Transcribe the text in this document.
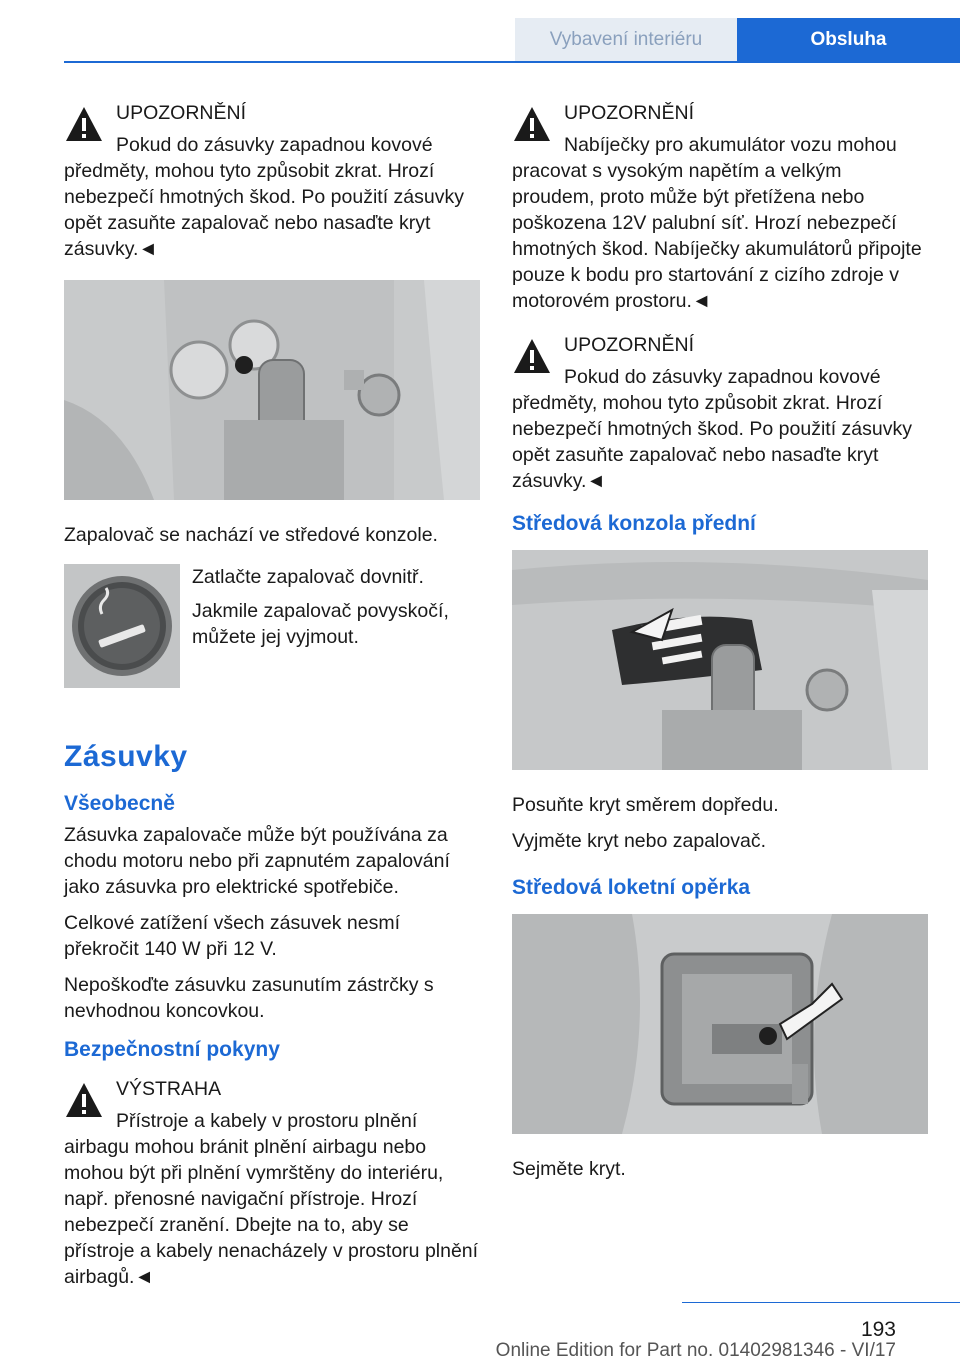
Vybavení interiéru	Obsluha

UPOZORNĚNÍ

Pokud do zásuvky zapadnou kovové předměty, mohou tyto způsobit zkrat. Hrozí nebezpečí hmotných škod. Po použití zásuvky opět zasuňte zapalovač nebo nasaďte kryt zásuvky.◄

Zapalovač se nachází ve středové konzole.

Zatlačte zapalovač dovnitř.

Jakmile zapalovač povyskočí, můžete jej vyjmout.

Zásuvky
Všeobecně

Zásuvka zapalovače může být používána za chodu motoru nebo při zapnutém zapalování jako zásuvka pro elektrické spotřebiče.

Celkové zatížení všech zásuvek nesmí překročit 140 W při 12 V.

Nepoškoďte zásuvku zasunutím zástrčky s nevhodnou koncovkou.

Bezpečnostní pokyny

VÝSTRAHA

Přístroje a kabely v prostoru plnění airbagu mohou bránit plnění airbagu nebo mohou být při plnění vymrštěny do interiéru, např. přenosné navigační přístroje. Hrozí nebezpečí zranění. Dbejte na to, aby se přístroje a kabely nenacházely v prostoru plnění airbagů.◄

UPOZORNĚNÍ

Nabíječky pro akumulátor vozu mohou pracovat s vysokým napětím a velkým proudem, proto může být přetížena nebo poškozena 12V palubní síť. Hrozí nebezpečí hmotných škod. Nabíječky akumulátorů připojte pouze k bodu pro startování z cizího zdroje v motorovém prostoru.◄

UPOZORNĚNÍ

Pokud do zásuvky zapadnou kovové předměty, mohou tyto způsobit zkrat. Hrozí nebezpečí hmotných škod. Po použití zásuvky opět zasuňte zapalovač nebo nasaďte kryt zásuvky.◄

Středová konzola přední

Posuňte kryt směrem dopředu.

Vyjměte kryt nebo zapalovač.

Středová loketní opěrka

Sejměte kryt.

193
Online Edition for Part no. 01402981346 - VI/17
